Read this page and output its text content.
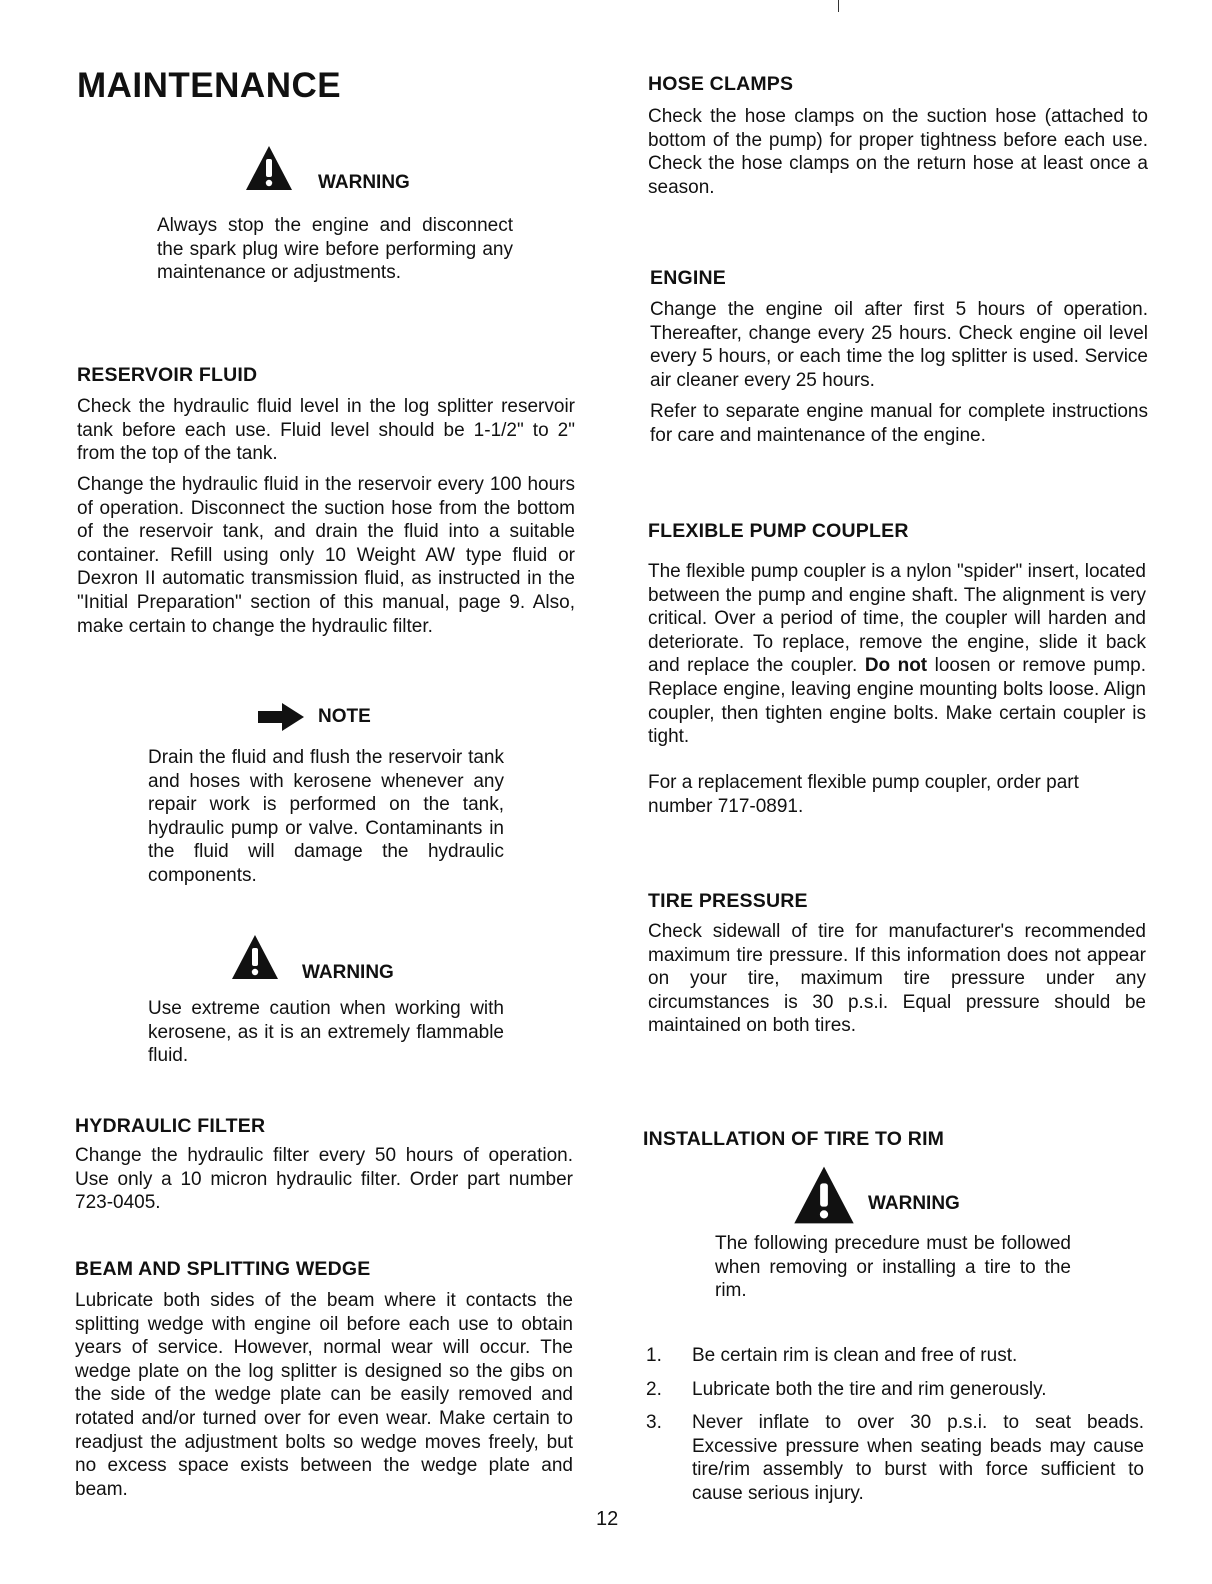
MAINTENANCE
WARNING

Always stop the engine and disconnect the spark plug wire before performing any maintenance or adjustments.

RESERVOIR FLUID

Check the hydraulic fluid level in the log splitter reservoir tank before each use. Fluid level should be 1-1/2" to 2" from the top of the tank.

Change the hydraulic fluid in the reservoir every 100 hours of operation. Disconnect the suction hose from the bottom of the reservoir tank, and drain the fluid into a suitable container. Refill using only 10 Weight AW type fluid or Dexron II automatic transmission fluid, as instructed in the "Initial Preparation" section of this manual, page 9. Also, make certain to change the hydraulic filter.

NOTE

Drain the fluid and flush the reservoir tank and hoses with kerosene whenever any repair work is performed on the tank, hydraulic pump or valve. Contaminants in the fluid will damage the hydraulic components.

WARNING

Use extreme caution when working with kerosene, as it is an extremely flammable fluid.

HYDRAULIC FILTER

Change the hydraulic filter every 50 hours of operation. Use only a 10 micron hydraulic filter. Order part number 723-0405.

BEAM AND SPLITTING WEDGE

Lubricate both sides of the beam where it contacts the splitting wedge with engine oil before each use to obtain years of service. However, normal wear will occur. The wedge plate on the log splitter is designed so the gibs on the side of the wedge plate can be easily removed and rotated and/or turned over for even wear. Make certain to readjust the adjustment bolts so wedge moves freely, but no excess space exists between the wedge plate and beam.

HOSE CLAMPS

Check the hose clamps on the suction hose (attached to bottom of the pump) for proper tightness before each use. Check the hose clamps on the return hose at least once a season.

ENGINE

Change the engine oil after first 5 hours of operation. Thereafter, change every 25 hours. Check engine oil level every 5 hours, or each time the log splitter is used. Service air cleaner every 25 hours.

Refer to separate engine manual for complete instructions for care and maintenance of the engine.

FLEXIBLE PUMP COUPLER

The flexible pump coupler is a nylon "spider" insert, located between the pump and engine shaft. The alignment is very critical. Over a period of time, the coupler will harden and deteriorate. To replace, remove the engine, slide it back and replace the coupler. Do not loosen or remove pump. Replace engine, leaving engine mounting bolts loose. Align coupler, then tighten engine bolts. Make certain coupler is tight.

For a replacement flexible pump coupler, order part number 717-0891.

TIRE PRESSURE

Check sidewall of tire for manufacturer's recommended maximum tire pressure. If this information does not appear on your tire, maximum tire pressure under any circumstances is 30 p.s.i. Equal pressure should be maintained on both tires.

INSTALLATION OF TIRE TO RIM
WARNING

The following precedure must be followed when removing or installing a tire to the rim.

1. Be certain rim is clean and free of rust.
2. Lubricate both the tire and rim generously.
3. Never inflate to over 30 p.s.i. to seat beads. Excessive pressure when seating beads may cause tire/rim assembly to burst with force sufficient to cause serious injury.
12
